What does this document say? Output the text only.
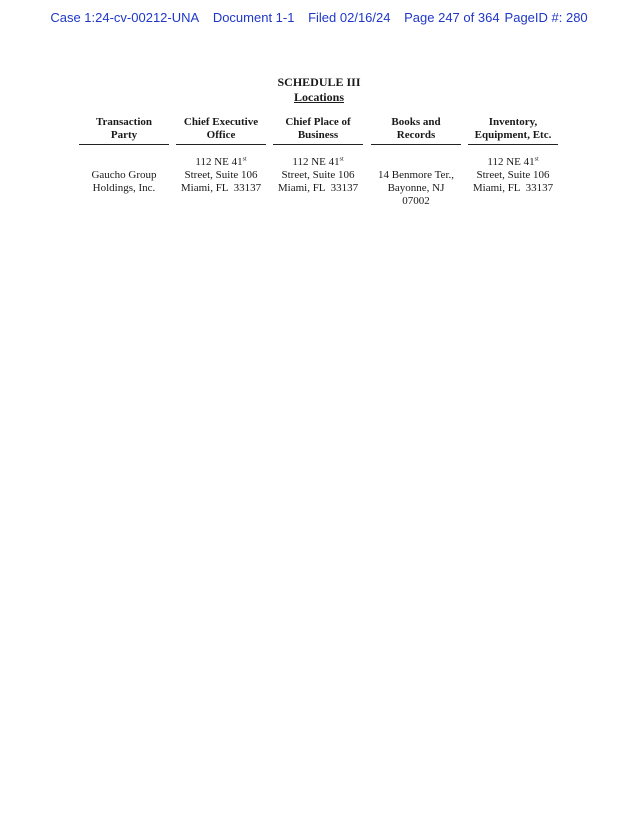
Case 1:24-cv-00212-UNA Document 1-1 Filed 02/16/24 Page 247 of 364 PageID #: 280
SCHEDULE III
Locations
Transaction
Party
Gaucho Group
Holdings, Inc.
Chief Executive
Office
112 NE 41st
Street, Suite 106
Miami, FL  33137
Chief Place of
Business
112 NE 41st
Street, Suite 106
Miami, FL  33137
Books and
Records
14 Benmore Ter.,
Bayonne, NJ
07002
Inventory,
Equipment, Etc.
112 NE 41st
Street, Suite 106
Miami, FL  33137
